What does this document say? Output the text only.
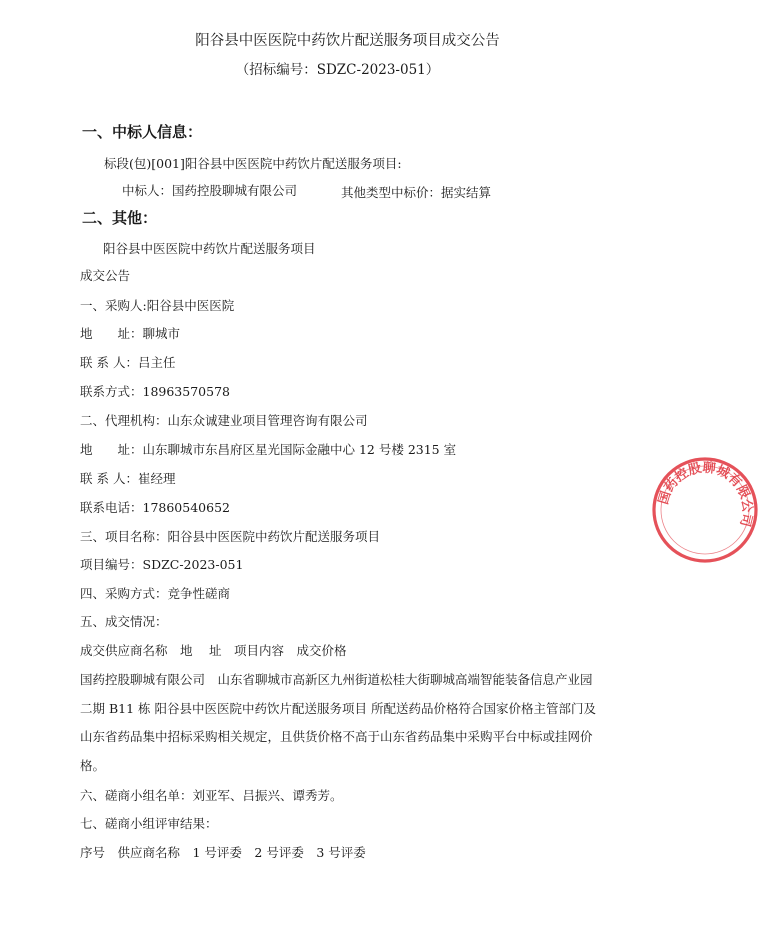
阳谷县中医医院中药饮片配送服务项目成交公告
（招标编号：SDZC-2023-051）
一、中标人信息：
标段(包)[001]阳谷县中医医院中药饮片配送服务项目:
中标人：国药控股聊城有限公司	其他类型中标价：据实结算
二、其他：
阳谷县中医医院中药饮片配送服务项目
成交公告
一、采购人:阳谷县中医医院
地　　址：聊城市
联 系 人：吕主任
联系方式：18963570578
二、代理机构：山东众诚建业项目管理咨询有限公司
地　　址：山东聊城市东昌府区星光国际金融中心 12 号楼 2315 室
联 系 人：崔经理
联系电话：17860540652
三、项目名称：阳谷县中医医院中药饮片配送服务项目
项目编号：SDZC-2023-051
四、采购方式：竞争性磋商
五、成交情况：
成交供应商名称　地　 址　项目内容　成交价格
国药控股聊城有限公司　山东省聊城市高新区九州街道松桂大街聊城高端智能装备信息产业园二期 B11 栋 阳谷县中医医院中药饮片配送服务项目 所配送药品价格符合国家价格主管部门及山东省药品集中招标采购相关规定，且供货价格不高于山东省药品集中采购平台中标或挂网价格。
六、磋商小组名单：刘亚军、吕振兴、谭秀芳。
七、磋商小组评审结果：
序号　供应商名称　1 号评委　2 号评委　3 号评委
国药控股聊城有限公司
